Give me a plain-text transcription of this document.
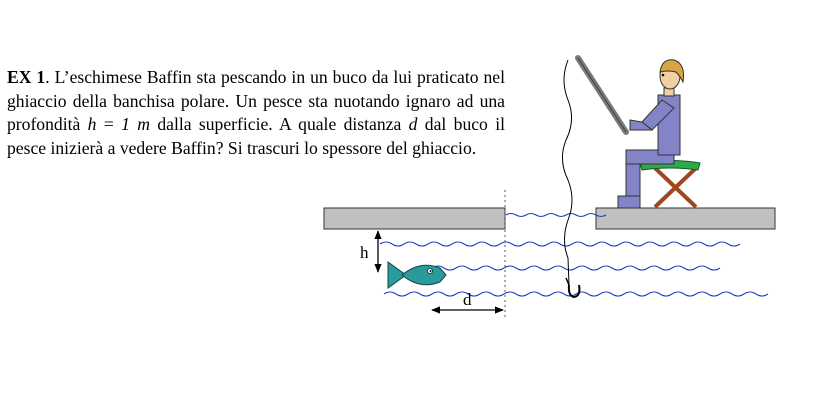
EX 1. L’eschimese Baffin sta pescando in un buco da lui praticato nel ghiaccio della banchisa polare. Un pesce sta nuotando ignaro ad una profondità h = 1 m dalla superficie. A quale distanza d dal buco il pesce inizierà a vedere Baffin? Si trascuri lo spessore del ghiaccio.
h
d
